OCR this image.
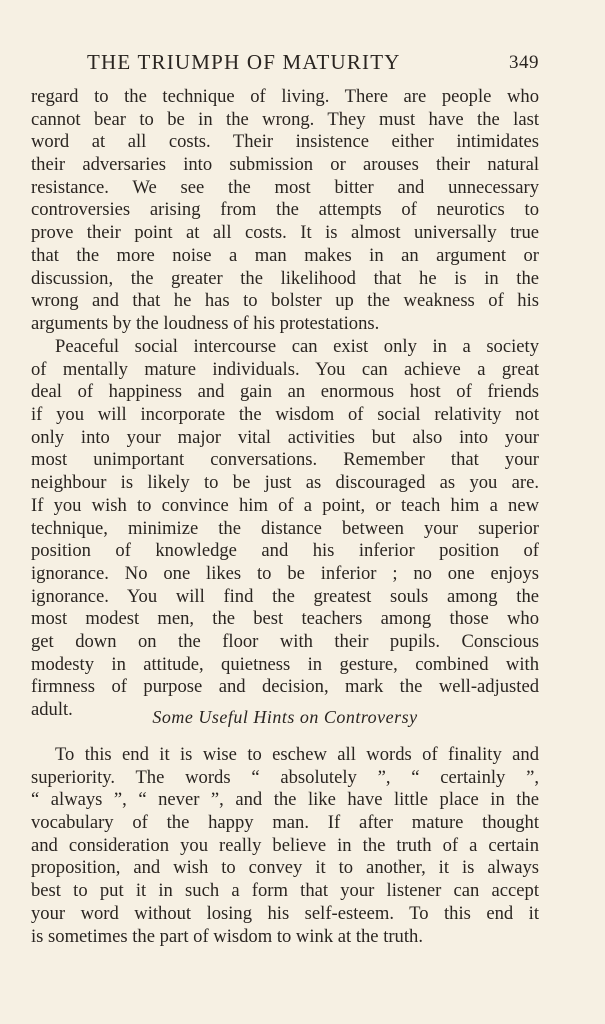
THE TRIUMPH OF MATURITY	349
regard to the technique of living. There are people who
cannot bear to be in the wrong. They must have the last
word at all costs. Their insistence either intimidates
their adversaries into submission or arouses their natural
resistance. We see the most bitter and unnecessary
controversies arising from the attempts of neurotics to
prove their point at all costs. It is almost universally true
that the more noise a man makes in an argument or
discussion, the greater the likelihood that he is in the
wrong and that he has to bolster up the weakness of his
arguments by the loudness of his protestations.
Peaceful social intercourse can exist only in a society
of mentally mature individuals. You can achieve a great
deal of happiness and gain an enormous host of friends
if you will incorporate the wisdom of social relativity not
only into your major vital activities but also into your
most unimportant conversations. Remember that your
neighbour is likely to be just as discouraged as you are.
If you wish to convince him of a point, or teach him a new
technique, minimize the distance between your superior
position of knowledge and his inferior position of
ignorance. No one likes to be inferior ; no one enjoys
ignorance. You will find the greatest souls among the
most modest men, the best teachers among those who
get down on the floor with their pupils. Conscious
modesty in attitude, quietness in gesture, combined with
firmness of purpose and decision, mark the well-adjusted
adult.	Some Useful Hints on Controversy
To this end it is wise to eschew all words of finality and
superiority. The words “ absolutely ”, “ certainly ”,
“ always ”, “ never ”, and the like have little place in the
vocabulary of the happy man. If after mature thought
and consideration you really believe in the truth of a certain
proposition, and wish to convey it to another, it is always
best to put it in such a form that your listener can accept
your word without losing his self-esteem. To this end it
is sometimes the part of wisdom to wink at the truth.
